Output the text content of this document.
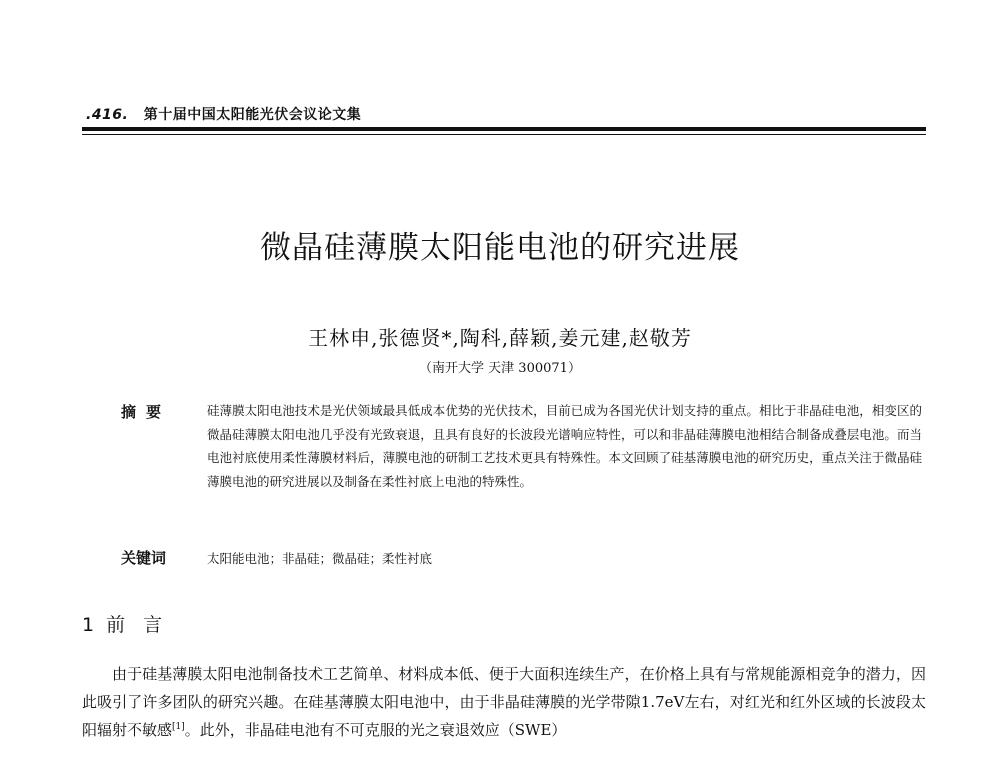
.416. 第十届中国太阳能光伏会议论文集
微晶硅薄膜太阳能电池的研究进展
王林申,张德贤*,陶科,薛颖,姜元建,赵敬芳
（南开大学 天津 300071）
摘要	硅薄膜太阳电池技术是光伏领域最具低成本优势的光伏技术，目前已成为各国光伏计划支持的重点。相比于非晶硅电池，相变区的微晶硅薄膜太阳电池几乎没有光致衰退，且具有良好的长波段光谱响应特性，可以和非晶硅薄膜电池相结合制备成叠层电池。而当电池衬底使用柔性薄膜材料后，薄膜电池的研制工艺技术更具有特殊性。本文回顾了硅基薄膜电池的研究历史，重点关注于微晶硅薄膜电池的研究进展以及制备在柔性衬底上电池的特殊性。
关键词	太阳能电池；非晶硅；微晶硅；柔性衬底
1 前言
由于硅基薄膜太阳电池制备技术工艺简单、材料成本低、便于大面积连续生产，在价格上具有与常规能源相竞争的潜力，因此吸引了许多团队的研究兴趣。在硅基薄膜太阳电池中，由于非晶硅薄膜的光学带隙1.7eV左右，对红光和红外区域的长波段太阳辐射不敏感[1]。此外，非晶硅电池有不可克服的光之衰退效应（SWE）
